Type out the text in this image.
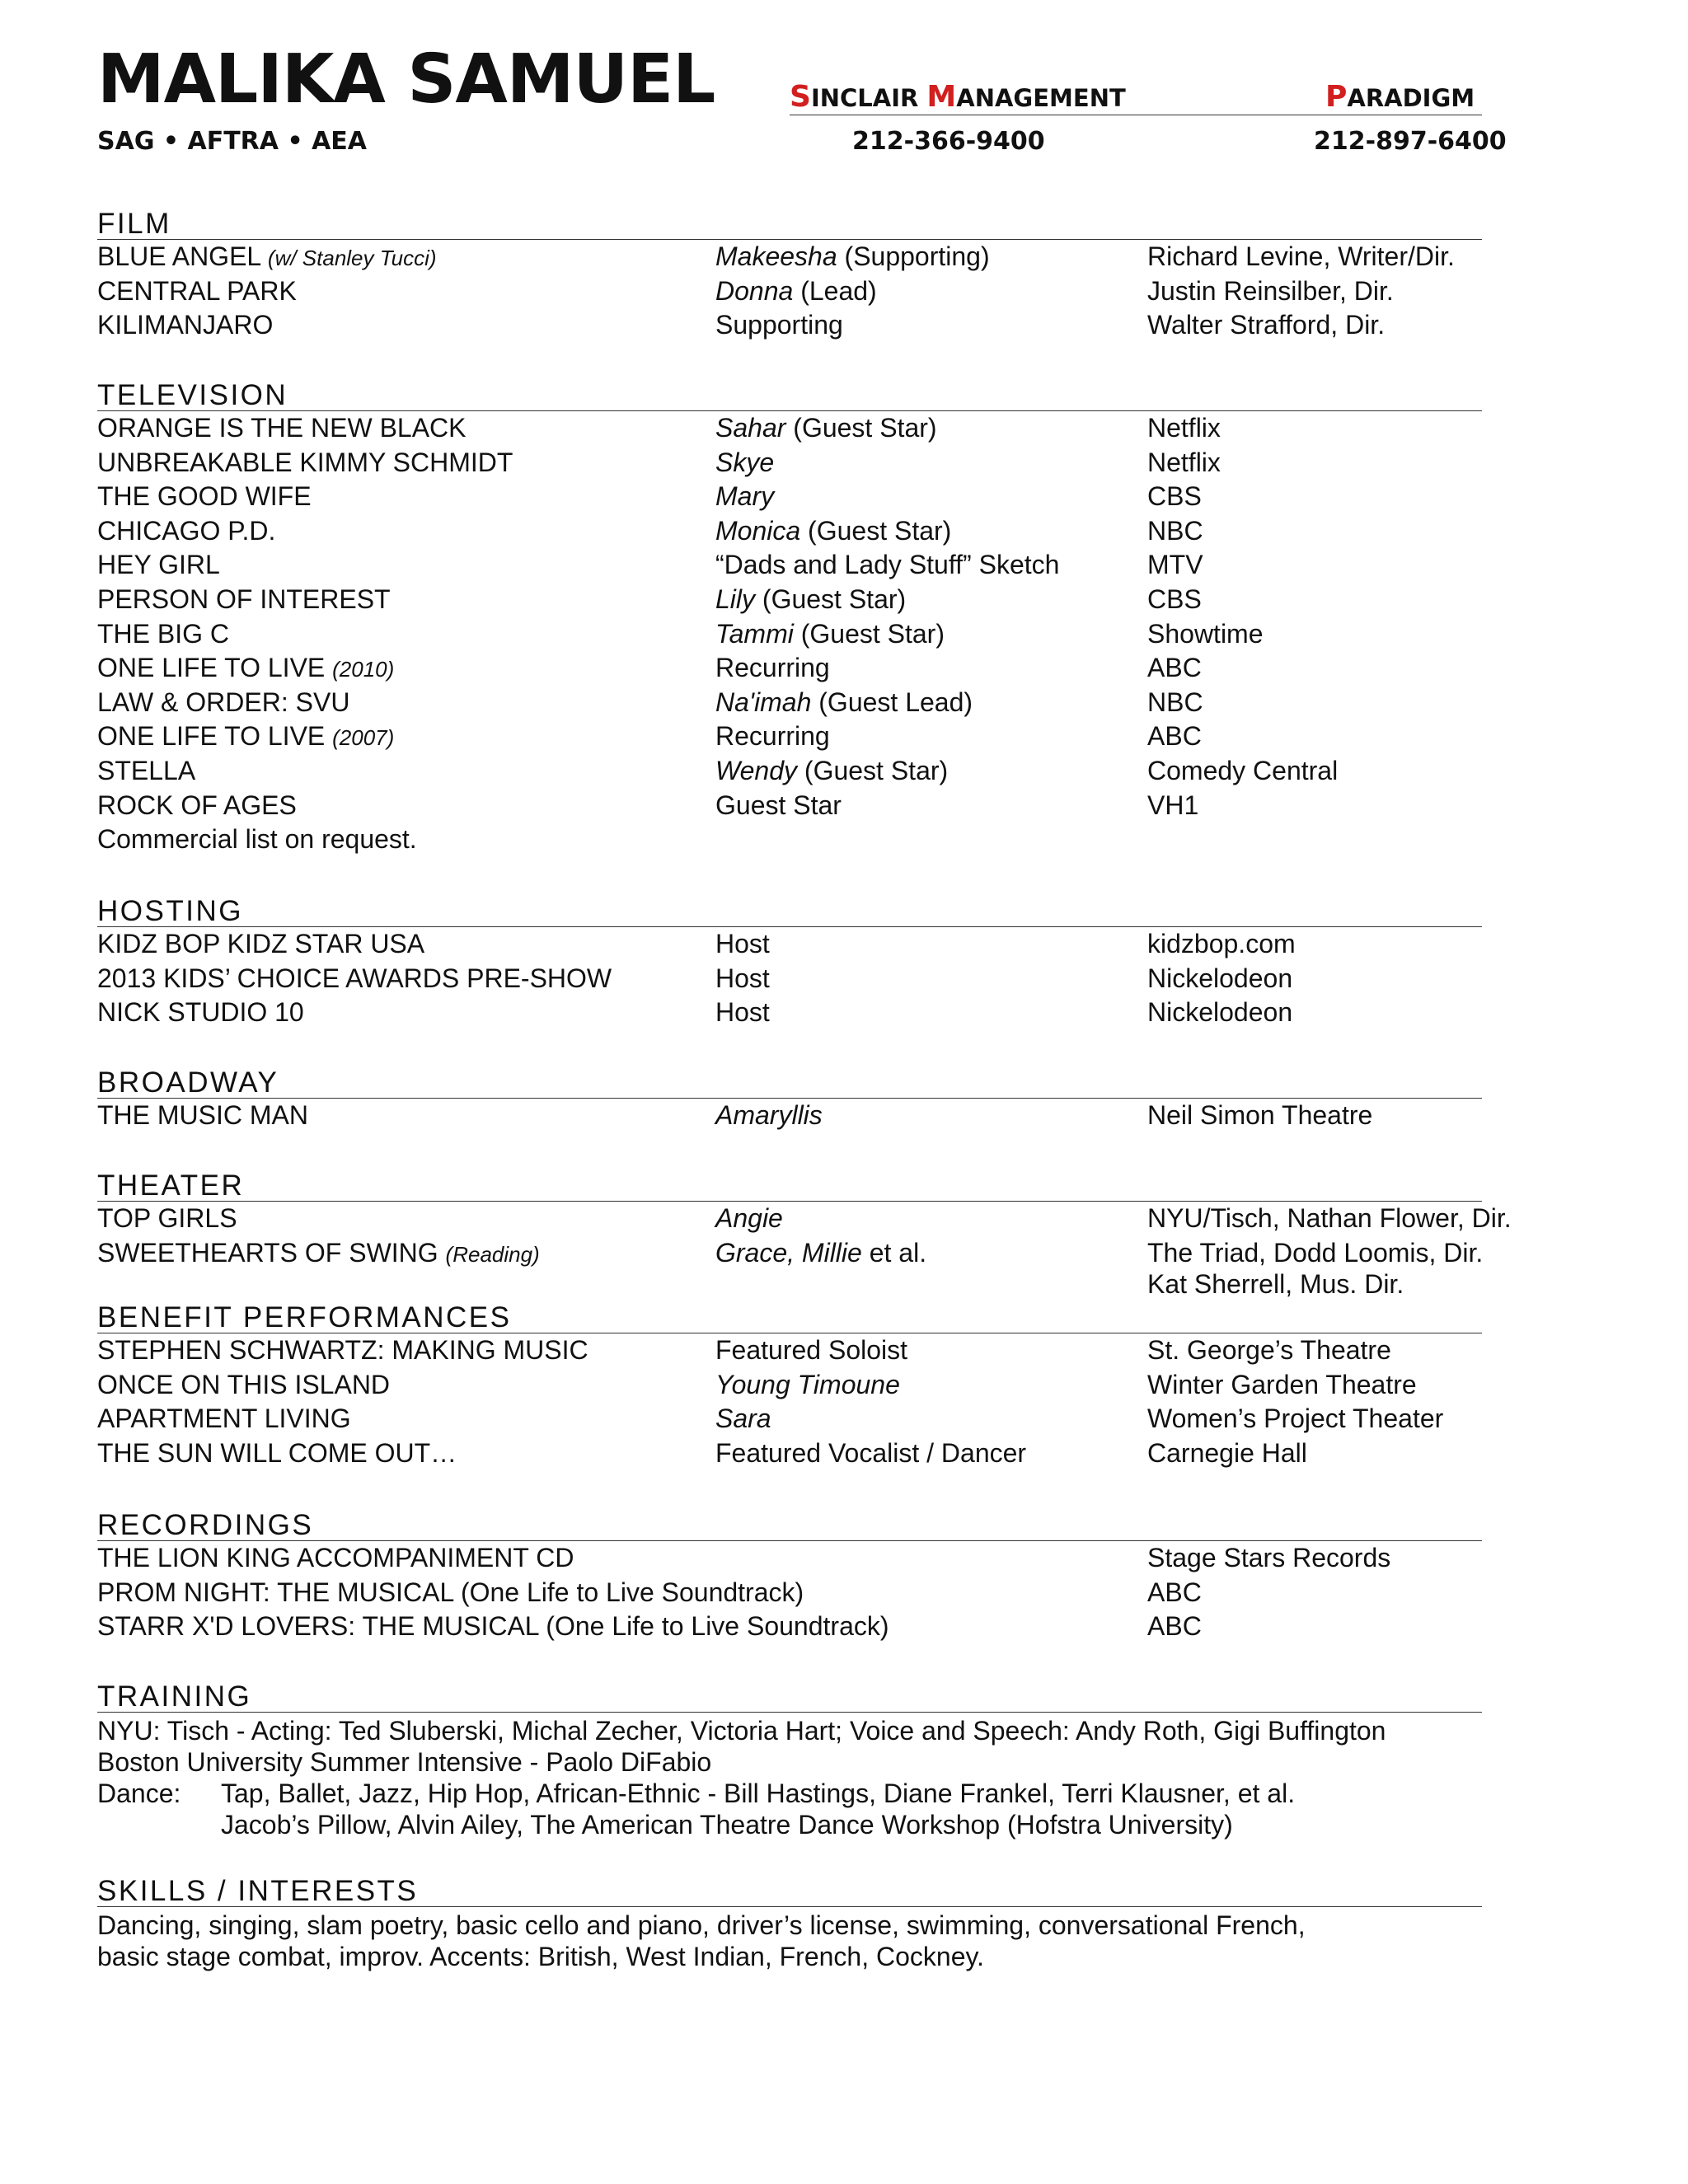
MALIKA SAMUEL	SINCLAIR MANAGEMENT	PARADIGM
SAG • AFTRA • AEA	212-366-9400	212-897-6400
FILM
BLUE ANGEL (w/ Stanley Tucci)	Makeesha (Supporting)	Richard Levine, Writer/Dir.
CENTRAL PARK	Donna (Lead)	Justin Reinsilber, Dir.
KILIMANJARO	Supporting	Walter Strafford, Dir.
TELEVISION
ORANGE IS THE NEW BLACK	Sahar (Guest Star)	Netflix
UNBREAKABLE KIMMY SCHMIDT	Skye	Netflix
THE GOOD WIFE	Mary	CBS
CHICAGO P.D.	Monica (Guest Star)	NBC
HEY GIRL	“Dads and Lady Stuff” Sketch	MTV
PERSON OF INTEREST	Lily (Guest Star)	CBS
THE BIG C	Tammi (Guest Star)	Showtime
ONE LIFE TO LIVE (2010)	Recurring	ABC
LAW & ORDER: SVU	Na'imah (Guest Lead)	NBC
ONE LIFE TO LIVE (2007)	Recurring	ABC
STELLA	Wendy (Guest Star)	Comedy Central
ROCK OF AGES	Guest Star	VH1
Commercial list on request.
HOSTING
KIDZ BOP KIDZ STAR USA	Host	kidzbop.com
2013 KIDS’ CHOICE AWARDS PRE-SHOW	Host	Nickelodeon
NICK STUDIO 10	Host	Nickelodeon
BROADWAY
THE MUSIC MAN	Amaryllis	Neil Simon Theatre
THEATER
TOP GIRLS	Angie	NYU/Tisch, Nathan Flower, Dir.
SWEETHEARTS OF SWING (Reading)	Grace, Millie et al.	The Triad, Dodd Loomis, Dir.
Kat Sherrell, Mus. Dir.
BENEFIT PERFORMANCES
STEPHEN SCHWARTZ: MAKING MUSIC	Featured Soloist	St. George’s Theatre
ONCE ON THIS ISLAND	Young Timoune	Winter Garden Theatre
APARTMENT LIVING	Sara	Women’s Project Theater
THE SUN WILL COME OUT…	Featured Vocalist / Dancer	Carnegie Hall
RECORDINGS
THE LION KING ACCOMPANIMENT CD	Stage Stars Records
PROM NIGHT: THE MUSICAL (One Life to Live Soundtrack)	ABC
STARR X'D LOVERS: THE MUSICAL (One Life to Live Soundtrack)	ABC
TRAINING
NYU: Tisch - Acting: Ted Sluberski, Michal Zecher, Victoria Hart; Voice and Speech: Andy Roth, Gigi Buffington
Boston University Summer Intensive - Paolo DiFabio
Dance: Tap, Ballet, Jazz, Hip Hop, African-Ethnic - Bill Hastings, Diane Frankel, Terri Klausner, et al.
Jacob’s Pillow, Alvin Ailey, The American Theatre Dance Workshop (Hofstra University)
SKILLS / INTERESTS
Dancing, singing, slam poetry, basic cello and piano, driver’s license, swimming, conversational French,
basic stage combat, improv. Accents: British, West Indian, French, Cockney.
